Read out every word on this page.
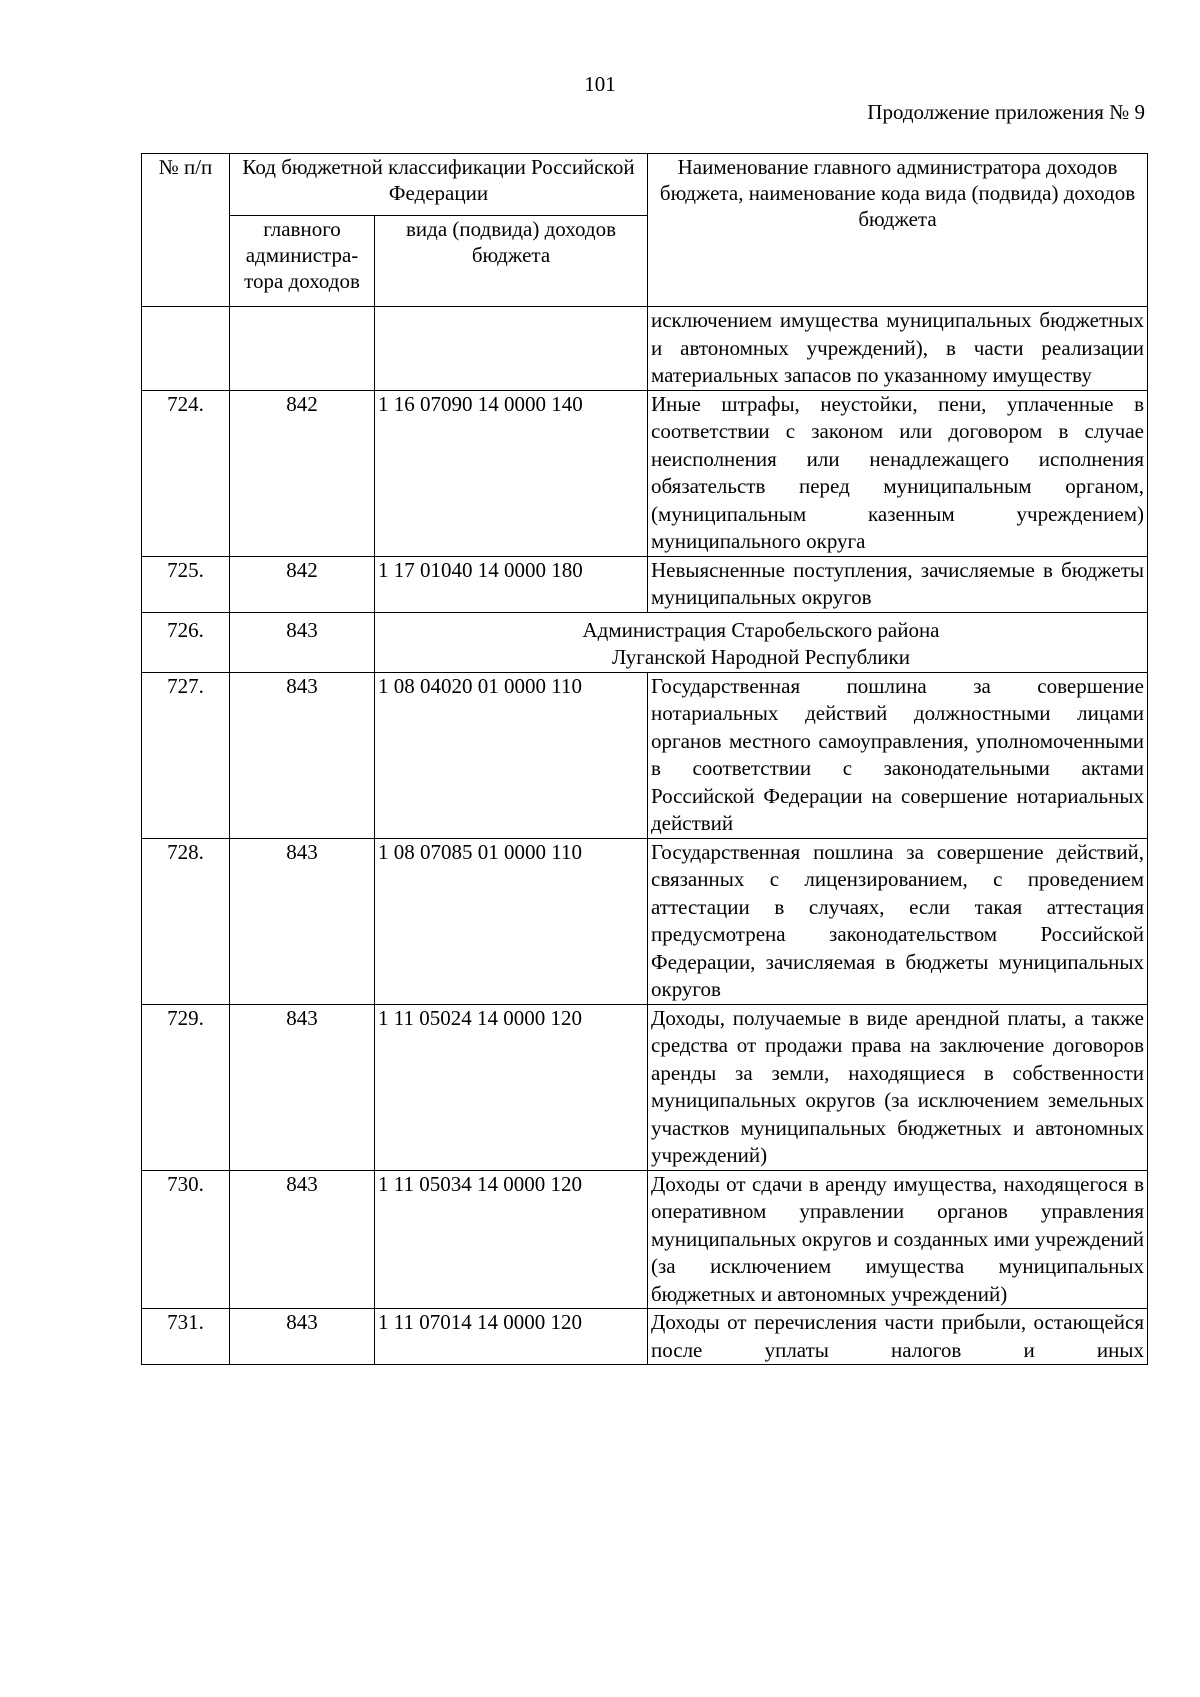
101
Продолжение приложения № 9
№ п/п	Код бюджетной классификации Российской Федерации		Наименование главного администратора доходов бюджета, наименование кода вида (подвида) доходов бюджета
	главного администра-тора доходов	вида (подвида) доходов бюджета	
			исключением имущества муниципальных бюджетных и автономных учреждений), в части реализации материальных запасов по указанному имуществу
724.	842	1 16 07090 14 0000 140	Иные штрафы, неустойки, пени, уплаченные в соответствии с законом или договором в случае неисполнения или ненадлежащего исполнения обязательств перед муниципальным органом, (муниципальным казенным учреждением) муниципального округа
725.	842	1 17 01040 14 0000 180	Невыясненные поступления, зачисляемые в бюджеты муниципальных округов
726.	843	Администрация Старобельского района
Луганской Народной Республики	

727.	843	1 08 04020 01 0000 110	Государственная пошлина за совершение нотариальных действий должностными лицами органов местного самоуправления, уполномоченными в соответствии с законодательными актами Российской Федерации на совершение нотариальных действий
728.	843	1 08 07085 01 0000 110	Государственная пошлина за совершение действий, связанных с лицензированием, с проведением аттестации в случаях, если такая аттестация предусмотрена законодательством Российской Федерации, зачисляемая в бюджеты муниципальных округов
729.	843	1 11 05024 14 0000 120	Доходы, получаемые в виде арендной платы, а также средства от продажи права на заключение договоров аренды за земли, находящиеся в собственности муниципальных округов (за исключением земельных участков муниципальных бюджетных и автономных учреждений)
730.	843	1 11 05034 14 0000 120	Доходы от сдачи в аренду имущества, находящегося в оперативном управлении органов управления муниципальных округов и созданных ими учреждений (за исключением имущества муниципальных бюджетных и автономных учреждений)
731.	843	1 11 07014 14 0000 120	Доходы от перечисления части прибыли, остающейся после уплаты налогов и иных
